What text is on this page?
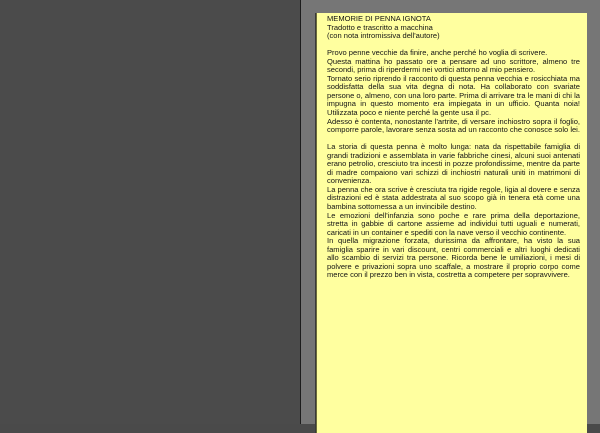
MEMORIE DI PENNA IGNOTA
Tradotto e trascritto a macchina
(con nota intromissiva dell'autore)
Provo penne vecchie da finire, anche perché ho voglia di scrivere.
Questa mattina ho passato ore a pensare ad uno scrittore, almeno tre secondi, prima di riperdermi nei vortici attorno al mio pensiero.
Tornato serio riprendo il racconto di questa penna vecchia e rosicchiata ma soddisfatta della sua vita degna di nota. Ha collaborato con svariate persone o, almeno, con una loro parte. Prima di arrivare tra le mani di chi la impugna in questo momento era impiegata in un ufficio. Quanta noia! Utilizzata poco e niente perché la gente usa il pc.
Adesso è contenta, nonostante l'artrite, di versare inchiostro sopra il foglio, comporre parole, lavorare senza sosta ad un racconto che conosce solo lei.
La storia di questa penna è molto lunga: nata da rispettabile famiglia di grandi tradizioni e assemblata in varie fabbriche cinesi, alcuni suoi antenati erano petrolio, cresciuto tra incesti in pozze profondissime, mentre da parte di madre compaiono vari schizzi di inchiostri naturali uniti in matrimoni di convenienza.
La penna che ora scrive è cresciuta tra rigide regole, ligia al dovere e senza distrazioni ed è stata addestrata al suo scopo già in tenera età come una bambina sottomessa a un invincibile destino.
Le emozioni dell'infanzia sono poche e rare prima della deportazione, stretta in gabbie di cartone assieme ad individui tutti uguali e numerati, caricati in un container e spediti con la nave verso il vecchio continente.
In quella migrazione forzata, durissima da affrontare, ha visto la sua famiglia sparire in vari discount, centri commerciali e altri luoghi dedicati allo scambio di servizi tra persone. Ricorda bene le umiliazioni, i mesi di polvere e privazioni sopra uno scaffale, a mostrare il proprio corpo come merce con il prezzo ben in vista, costretta a competere per sopravvivere.
